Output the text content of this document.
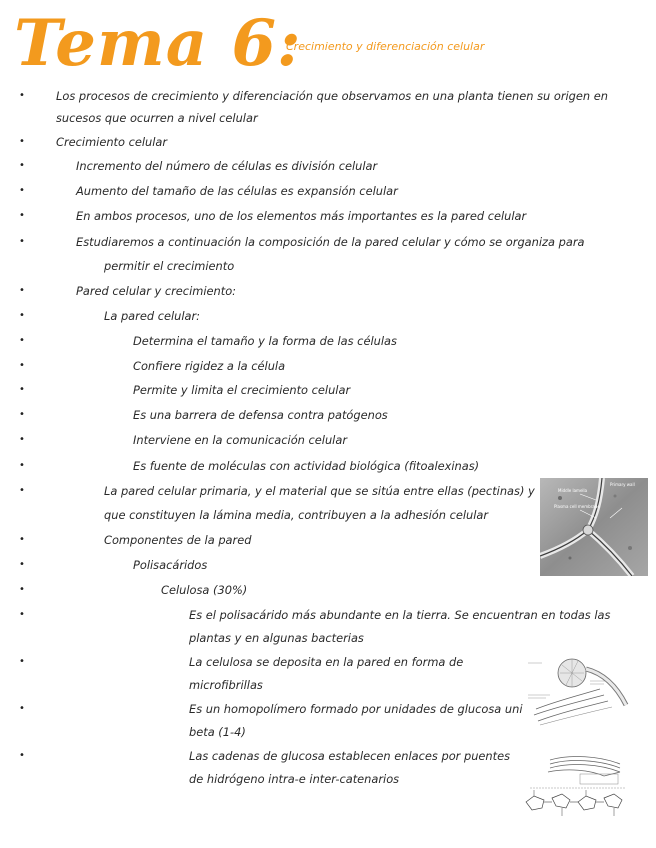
Tema 6:
Crecimiento y diferenciación celular
•
•
•
•
•
•
•
•
•
•
•
•
•
•
•
•
•
•
•
•
•
•
Los procesos de crecimiento y diferenciación que observamos en una planta tienen su origen en
sucesos que ocurren a nivel celular
Crecimiento celular
Incremento del número de células es división celular
Aumento del tamaño de las células es expansión celular
En ambos procesos, uno de los elementos más importantes es la pared celular
Estudiaremos a continuación la composición de la pared celular y cómo se organiza para
permitir el crecimiento
Pared celular y crecimiento:
La pared celular:
Determina el tamaño y la forma de las células
Confiere rigidez a la célula
Permite y limita el crecimiento celular
Es una barrera de defensa contra patógenos
Interviene en la comunicación celular
Es fuente de moléculas con actividad biológica (fitoalexinas)
La pared celular primaria, y el material que se sitúa entre ellas (pectinas) y
que constituyen la lámina media, contribuyen a la adhesión celular
Componentes de la pared
Polisacáridos
Celulosa (30%)
Es el polisacárido más abundante en la tierra. Se encuentran en todas las
plantas y en algunas bacterias
La celulosa se deposita en la pared en forma de
microfibrillas
Es un homopolímero formado por unidades de glucosa uni
beta (1-4)
Las cadenas de glucosa establecen enlaces por puentes
de hidrógeno intra-e inter-catenarios
Middle lamella
Plasma cell membrane
Primary wall
